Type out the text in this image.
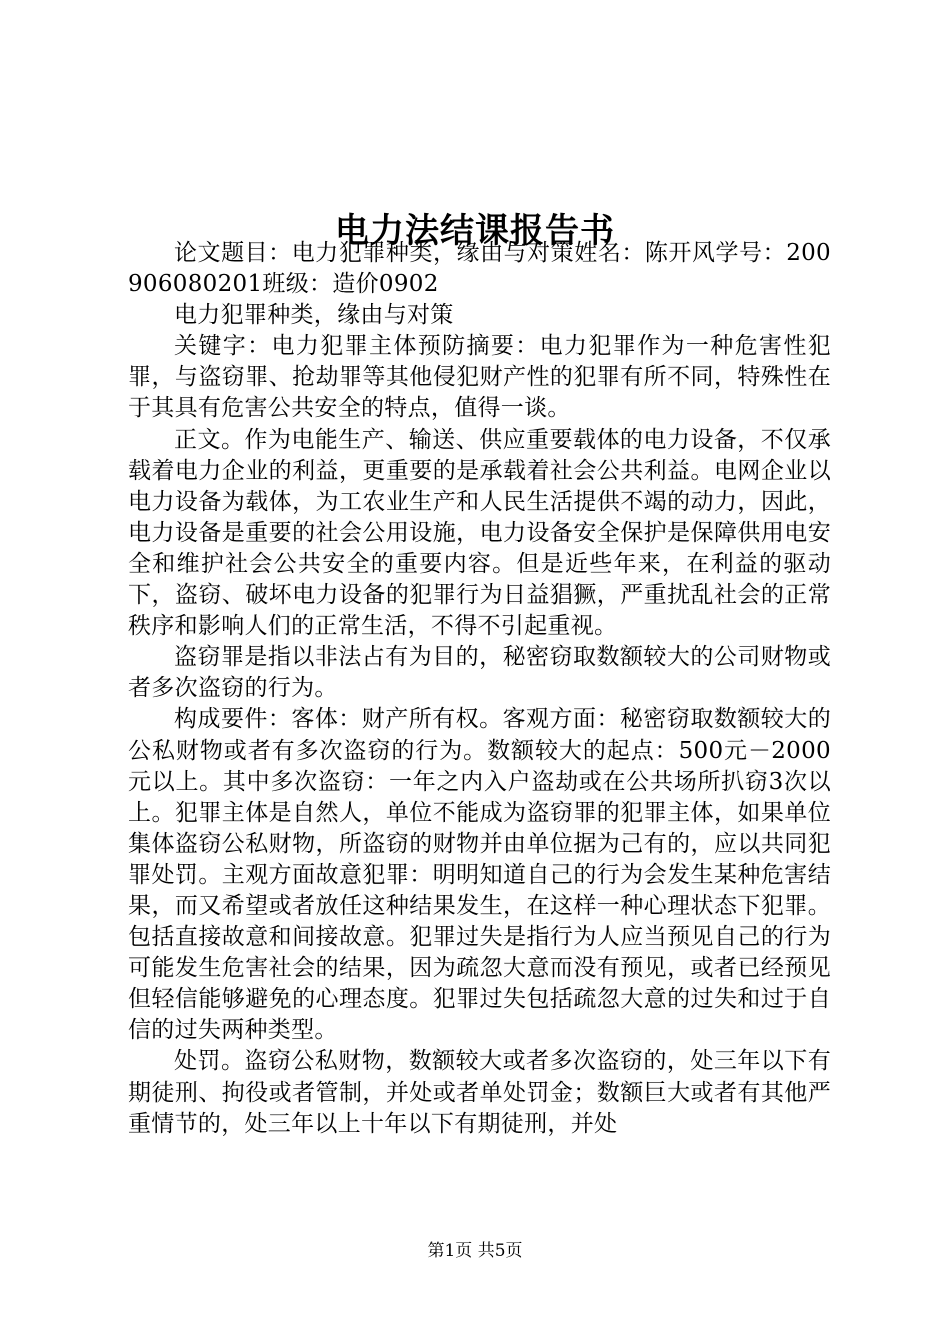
电力法结课报告书

论文题目：电力犯罪种类，缘由与对策姓名：陈开风学号：200906080201班级：造价0902

电力犯罪种类，缘由与对策

关键字：电力犯罪主体预防摘要：电力犯罪作为一种危害性犯罪，与盗窃罪、抢劫罪等其他侵犯财产性的犯罪有所不同，特殊性在于其具有危害公共安全的特点，值得一谈。

正文。作为电能生产、输送、供应重要载体的电力设备，不仅承载着电力企业的利益，更重要的是承载着社会公共利益。电网企业以电力设备为载体，为工农业生产和人民生活提供不竭的动力，因此，电力设备是重要的社会公用设施，电力设备安全保护是保障供用电安全和维护社会公共安全的重要内容。但是近些年来，在利益的驱动下，盗窃、破坏电力设备的犯罪行为日益猖獗，严重扰乱社会的正常秩序和影响人们的正常生活，不得不引起重视。

盗窃罪是指以非法占有为目的，秘密窃取数额较大的公司财物或者多次盗窃的行为。

构成要件：客体：财产所有权。客观方面：秘密窃取数额较大的公私财物或者有多次盗窃的行为。数额较大的起点：500元－2000元以上。其中多次盗窃：一年之内入户盗劫或在公共场所扒窃3次以上。犯罪主体是自然人，单位不能成为盗窃罪的犯罪主体，如果单位集体盗窃公私财物，所盗窃的财物并由单位据为己有的，应以共同犯罪处罚。主观方面故意犯罪：明明知道自己的行为会发生某种危害结果，而又希望或者放任这种结果发生，在这样一种心理状态下犯罪。包括直接故意和间接故意。犯罪过失是指行为人应当预见自己的行为可能发生危害社会的结果，因为疏忽大意而没有预见，或者已经预见但轻信能够避免的心理态度。犯罪过失包括疏忽大意的过失和过于自信的过失两种类型。

处罚。盗窃公私财物，数额较大或者多次盗窃的，处三年以下有期徒刑、拘役或者管制，并处或者单处罚金；数额巨大或者有其他严重情节的，处三年以上十年以下有期徒刑，并处

第1页 共5页
